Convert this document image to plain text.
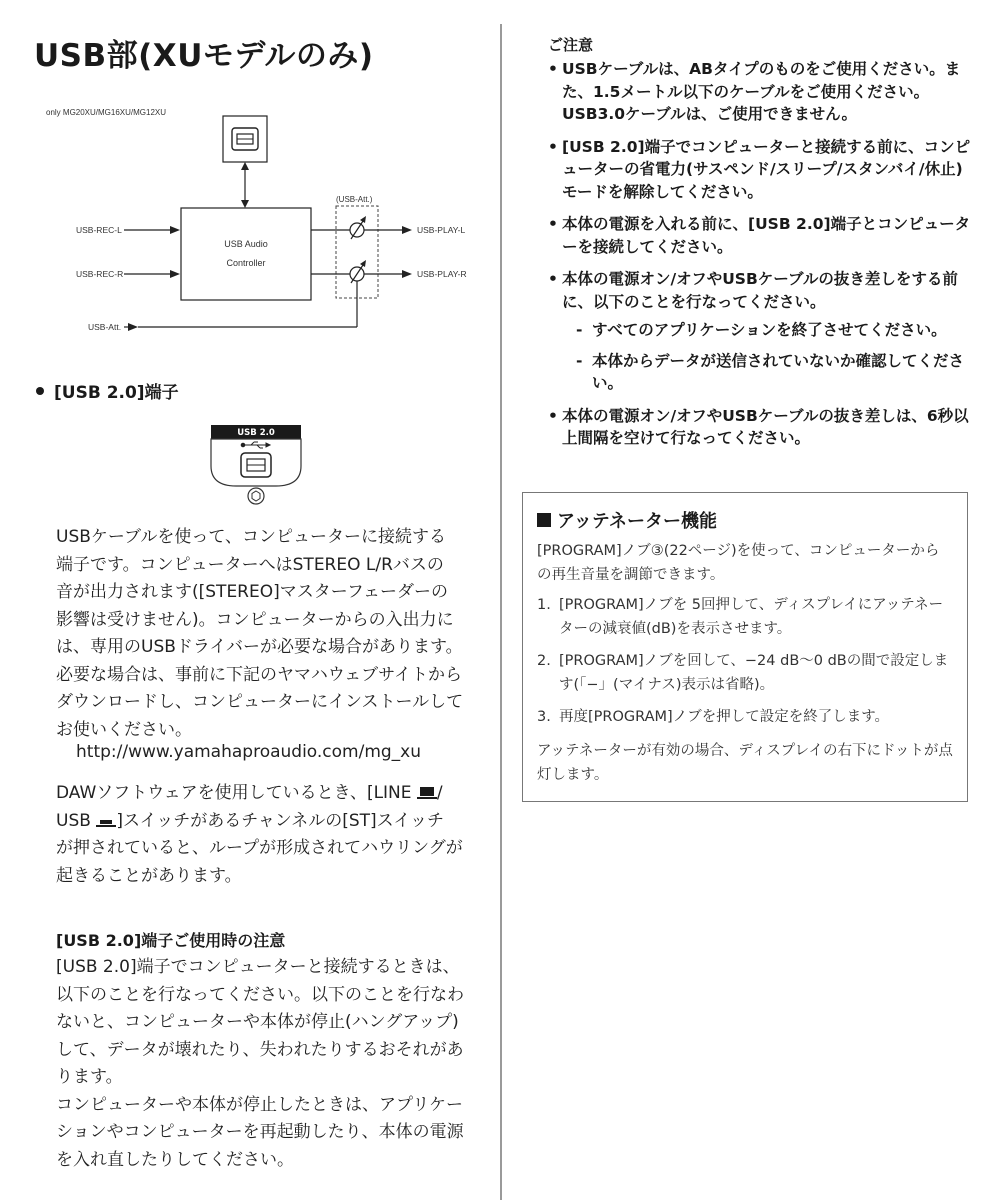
USB部(XUモデルのみ)
only MG20XU/MG16XU/MG12XU
USB Audio
Controller
(USB-Att.)
USB-REC-L
USB-REC-R
USB-PLAY-L
USB-PLAY-R
USB-Att.
[USB 2.0]端子
USB 2.0

USBケーブルを使って、コンピューターに接続する

端子です。コンピューターへはSTEREO L/Rバスの

音が出力されます([STEREO]マスターフェーダーの

影響は受けません)。コンピューターからの入出力に

は、専用のUSBドライバーが必要な場合があります。

必要な場合は、事前に下記のヤマハウェブサイトから

ダウンロードし、コンピューターにインストールして

お使いください。

http://www.yamahaproaudio.com/mg_xu

DAWソフトウェアを使用しているとき、[LINE /

USB ]スイッチがあるチャンネルの[ST]スイッチ

が押されていると、ループが形成されてハウリングが

起きることがあります。

[USB 2.0]端子ご使用時の注意

[USB 2.0]端子でコンピューターと接続するときは、

以下のことを行なってください。以下のことを行なわ

ないと、コンピューターや本体が停止(ハングアップ)

して、データが壊れたり、失われたりするおそれがあ

ります。

コンピューターや本体が停止したときは、アプリケー

ションやコンピューターを再起動したり、本体の電源

を入れ直したりしてください。

ご注意
• USBケーブルは、ABタイプのものをご使用ください。また、1.5メートル以下のケーブルをご使用ください。USB3.0ケーブルは、ご使用できません。
• [USB 2.0]端子でコンピューターと接続する前に、コンピューターの省電力(サスペンド/スリープ/スタンバイ/休止)モードを解除してください。
• 本体の電源を入れる前に、[USB 2.0]端子とコンピューターを接続してください。
• 本体の電源オン/オフやUSBケーブルの抜き差しをする前に、以下のことを行なってください。
- すべてのアプリケーションを終了させてください。
- 本体からデータが送信されていないか確認してください。
• 本体の電源オン/オフやUSBケーブルの抜き差しは、6秒以上間隔を空けて行なってください。
アッテネーター機能

[PROGRAM]ノブ③(22ページ)を使って、コンピューターからの再生音量を調節できます。

1. [PROGRAM]ノブを 5回押して、ディスプレイにアッテネーターの減衰値(dB)を表示させます。
2. [PROGRAM]ノブを回して、−24 dB〜0 dBの間で設定します(「−」(マイナス)表示は省略)。
3. 再度[PROGRAM]ノブを押して設定を終了します。

アッテネーターが有効の場合、ディスプレイの右下にドットが点灯します。
